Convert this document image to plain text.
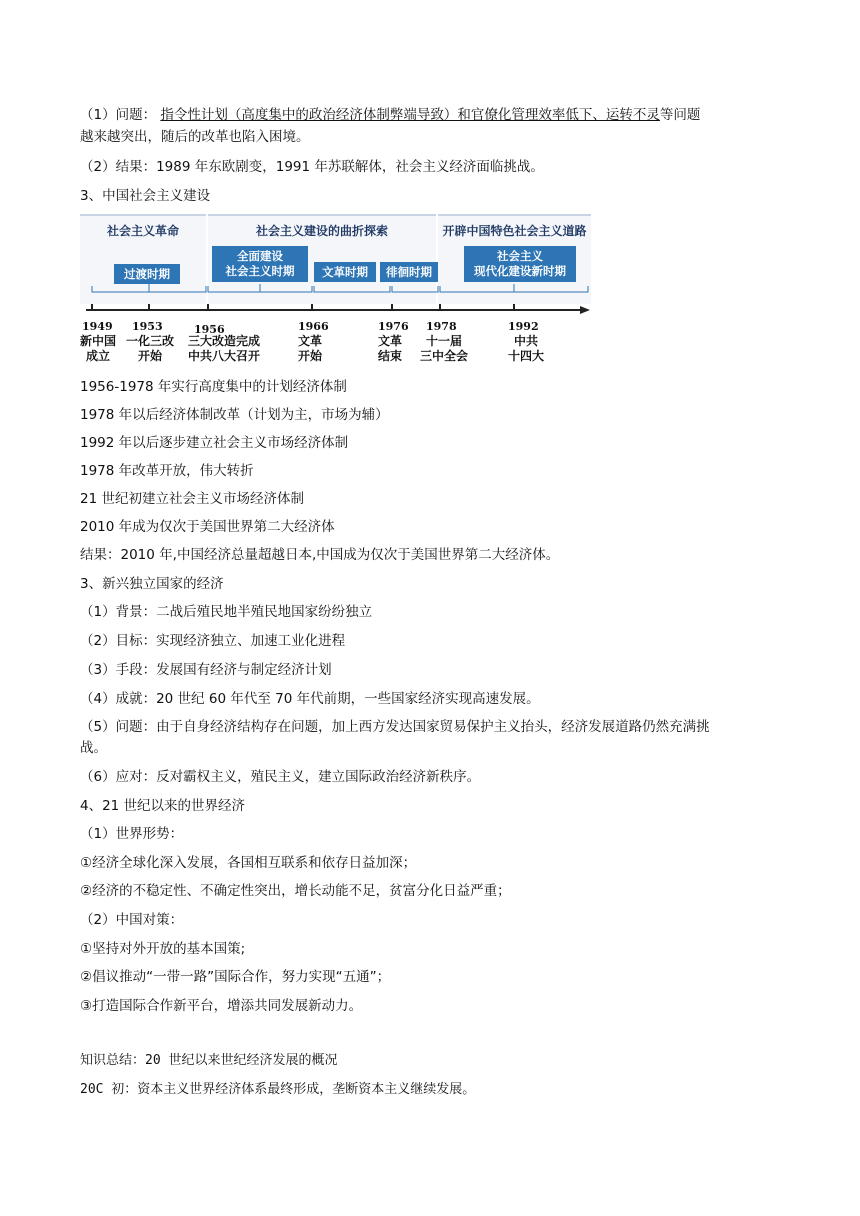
（1）问题： 指令性计划（高度集中的政治经济体制弊端导致）和官僚化管理效率低下、运转不灵等问题
越来越突出，随后的改革也陷入困境。
（2）结果：1989 年东欧剧变，1991 年苏联解体，社会主义经济面临挑战。
3、中国社会主义建设
社会主义革命	社会主义建设的曲折探索	开辟中国特色社会主义道路
过渡时期
全面建设
社会主义时期 文革时期 徘徊时期
社会主义
现代化建设新时期
1949 1953	1956	1966	1976 1978	1992
新中国
成立
一化三改
开始
三大改造完成
中共八大召开
文革
开始
文革
结束
十一届
三中全会
中共
十四大
1956-1978 年实行高度集中的计划经济体制
1978 年以后经济体制改革（计划为主，市场为辅）
1992 年以后逐步建立社会主义市场经济体制
1978 年改革开放，伟大转折
21 世纪初建立社会主义市场经济体制
2010 年成为仅次于美国世界第二大经济体
结果：2010 年,中国经济总量超越日本,中国成为仅次于美国世界第二大经济体。
3、新兴独立国家的经济
（1）背景：二战后殖民地半殖民地国家纷纷独立
（2）目标：实现经济独立、加速工业化进程
（3）手段：发展国有经济与制定经济计划
（4）成就：20 世纪 60 年代至 70 年代前期，一些国家经济实现高速发展。
（5）问题：由于自身经济结构存在问题，加上西方发达国家贸易保护主义抬头，经济发展道路仍然充满挑
战。
（6）应对：反对霸权主义，殖民主义，建立国际政治经济新秩序。
4、21 世纪以来的世界经济
（1）世界形势：
①经济全球化深入发展，各国相互联系和依存日益加深；
②经济的不稳定性、不确定性突出，增长动能不足，贫富分化日益严重；
（2）中国对策：
①坚持对外开放的基本国策;
②倡议推动“一带一路”国际合作，努力实现“五通”；
③打造国际合作新平台，增添共同发展新动力。
知识总结：20 世纪以来世纪经济发展的概况
20C 初：资本主义世界经济体系最终形成，垄断资本主义继续发展。
